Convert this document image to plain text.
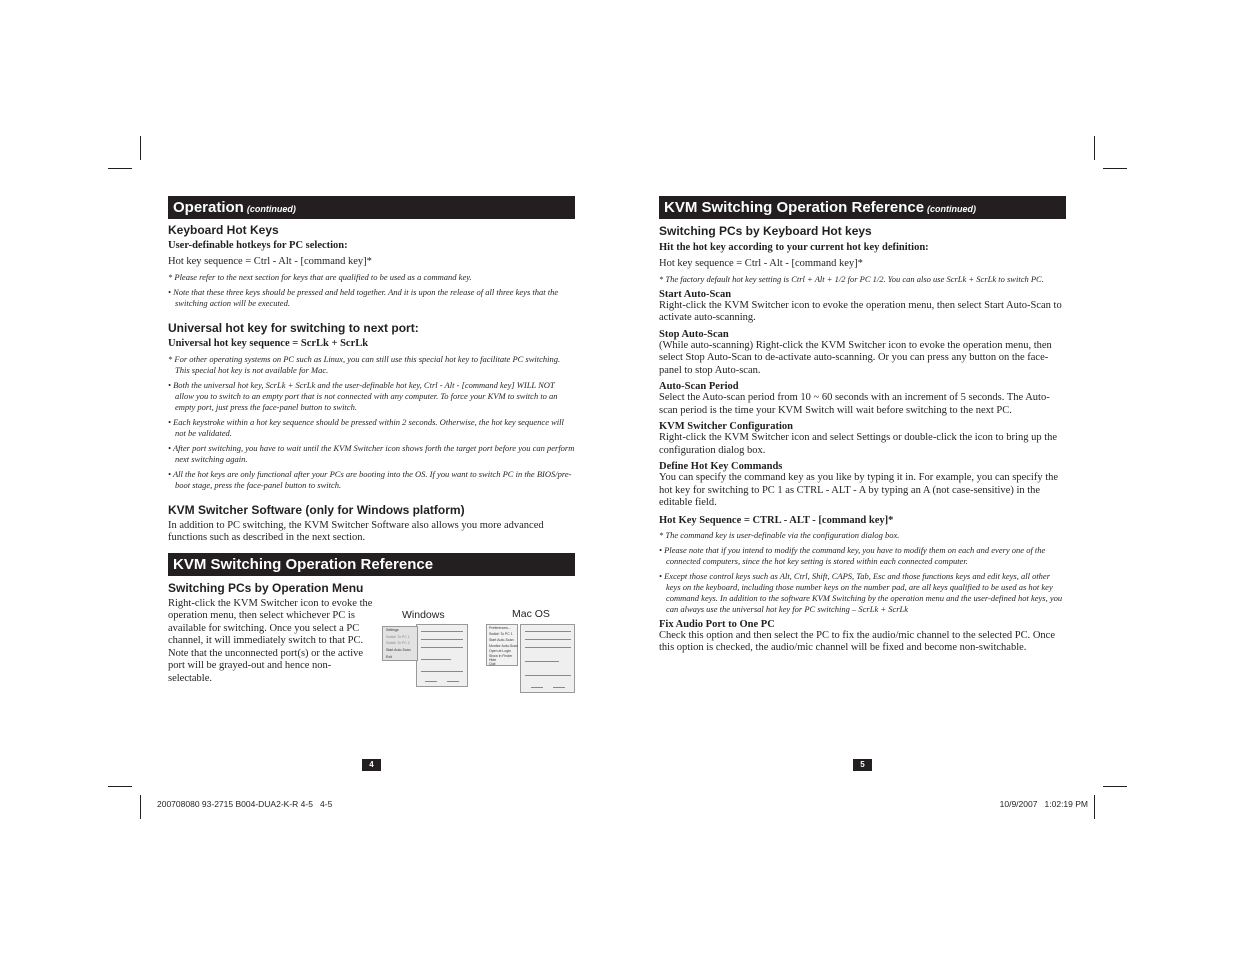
Operation (continued)
Keyboard Hot Keys
User-definable hotkeys for PC selection:
Hot key sequence = Ctrl - Alt - [command key]*
* Please refer to the next section for keys that are qualified to be used as a command key.
• Note that these three keys should be pressed and held together. And it is upon the release of all three keys that the switching action will be executed.
Universal hot key for switching to next port:
Universal hot key sequence = ScrLk + ScrLk
* For other operating systems on PC such as Linux, you can still use this special hot key to facilitate PC switching. This special hot key is not available for Mac.
• Both the universal hot key, ScrLk + ScrLk and the user-definable hot key, Ctrl - Alt - [command key] WILL NOT allow you to switch to an empty port that is not connected with any computer. To force your KVM to switch to an empty port, just press the face-panel button to switch.
• Each keystroke within a hot key sequence should be pressed within 2 seconds. Otherwise, the hot key sequence will not be validated.
• After port switching, you have to wait until the KVM Switcher icon shows forth the target port before you can perform next switching again.
• All the hot keys are only functional after your PCs are booting into the OS. If you want to switch PC in the BIOS/pre-boot stage, press the face-panel button to switch.
KVM Switcher Software (only for Windows platform)
In addition to PC switching, the KVM Switcher Software also allows you more advanced functions such as described in the next section.
KVM Switching Operation Reference
Switching PCs by Operation Menu
Right-click the KVM Switcher icon to evoke the operation menu, then select whichever PC is available for switching. Once you select a PC channel, it will immediately switch to that PC. Note that the unconnected port(s) or the active port will be grayed-out and hence non-selectable.
Windows	Mac OS
Settings
Switch To PC 1
Switch To PC 2
Start Auto-Scan
Exit
Preferences...
Switch To PC 1
Start Auto-Scan
Monitor Auto-Scan
Open at Login
Show in Finder
Hide
Quit
4
KVM Switching Operation Reference (continued)
Switching PCs by Keyboard Hot keys
Hit the hot key according to your current hot key definition:
Hot key sequence = Ctrl - Alt - [command key]*
* The factory default hot key setting is Ctrl + Alt + 1/2 for PC 1/2. You can also use ScrLk + ScrLk to switch PC.
Start Auto-Scan
Right-click the KVM Switcher icon to evoke the operation menu, then select Start Auto-Scan to activate auto-scanning.
Stop Auto-Scan
(While auto-scanning) Right-click the KVM Switcher icon to evoke the operation menu, then select Stop Auto-Scan to de-activate auto-scanning. Or you can press any button on the face-panel to stop Auto-scan.
Auto-Scan Period
Select the Auto-scan period from 10 ~ 60 seconds with an increment of 5 seconds. The Auto-scan period is the time your KVM Switch will wait before switching to the next PC.
KVM Switcher Configuration
Right-click the KVM Switcher icon and select Settings or double-click the icon to bring up the configuration dialog box.
Define Hot Key Commands
You can specify the command key as you like by typing it in. For example, you can specify the hot key for switching to PC 1 as CTRL - ALT - A by typing an A (not case-sensitive) in the editable field.
Hot Key Sequence = CTRL - ALT - [command key]*
* The command key is user-definable via the configuration dialog box.
• Please note that if you intend to modify the command key, you have to modify them on each and every one of the connected computers, since the hot key setting is stored within each connected computer.
• Except those control keys such as Alt, Ctrl, Shift, CAPS, Tab, Esc and those functions keys and edit keys, all other keys on the keyboard, including those number keys on the number pad, are all keys qualified to be used as hot key command keys. In addition to the software KVM Switching by the operation menu and the user-defined hot keys, you can always use the universal hot key for PC switching – ScrLk + ScrLk
Fix Audio Port to One PC
Check this option and then select the PC to fix the audio/mic channel to the selected PC. Once this option is checked, the audio/mic channel will be fixed and become non-switchable.
5
200708080 93-2715 B004-DUA2-K-R 4-5   4-5	10/9/2007   1:02:19 PM
